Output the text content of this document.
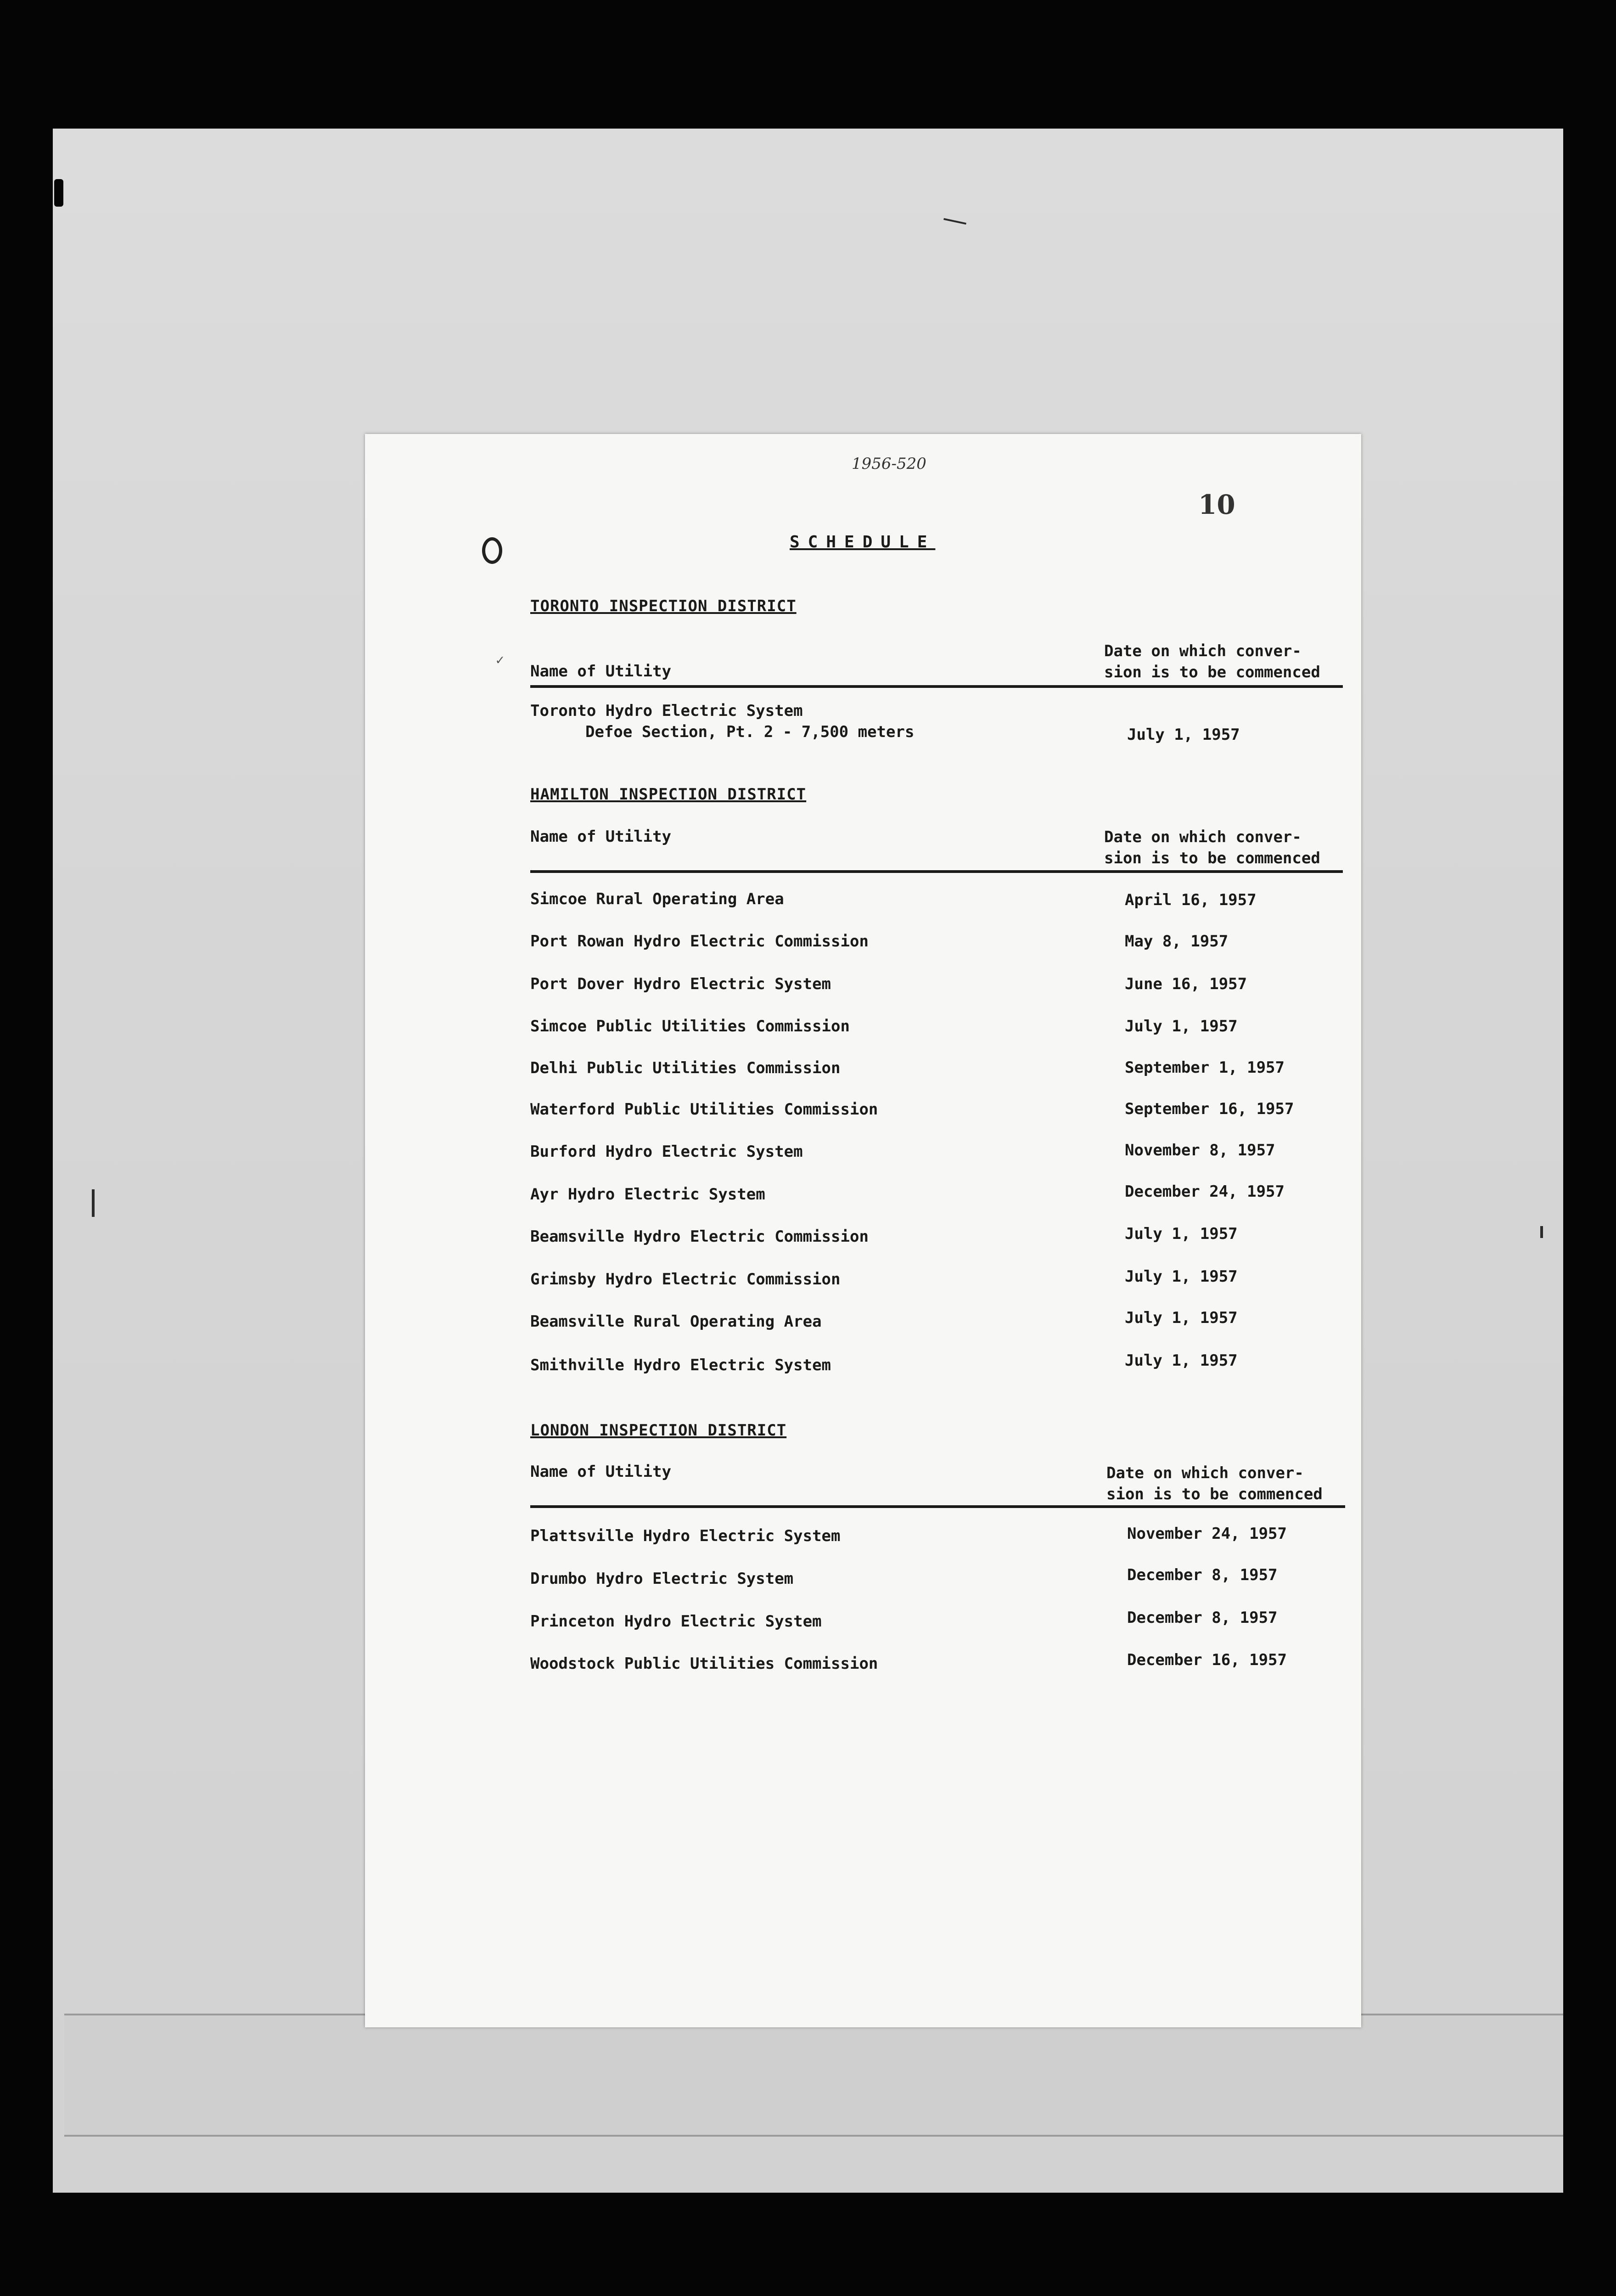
1956-520
10
✓
SCHEDULE
TORONTO INSPECTION DISTRICT
Name of Utility
Date on which conver-
sion is to be commenced
Toronto Hydro Electric System
Defoe Section, Pt. 2 - 7,500 meters	July 1, 1957
HAMILTON INSPECTION DISTRICT
Name of Utility	Date on which conver-
sion is to be commenced
Simcoe Rural Operating Area	April 16, 1957
Port Rowan Hydro Electric Commission	May 8, 1957
Port Dover Hydro Electric System	June 16, 1957
Simcoe Public Utilities Commission	July 1, 1957
Delhi Public Utilities Commission	September 1, 1957
Waterford Public Utilities Commission	September 16, 1957
Burford Hydro Electric System	November 8, 1957
Ayr Hydro Electric System	December 24, 1957
Beamsville Hydro Electric Commission	July 1, 1957
Grimsby Hydro Electric Commission	July 1, 1957
Beamsville Rural Operating Area	July 1, 1957
Smithville Hydro Electric System	July 1, 1957
LONDON INSPECTION DISTRICT
Name of Utility	Date on which conver-
sion is to be commenced
Plattsville Hydro Electric System	November 24, 1957
Drumbo Hydro Electric System	December 8, 1957
Princeton Hydro Electric System	December 8, 1957
Woodstock Public Utilities Commission	December 16, 1957
